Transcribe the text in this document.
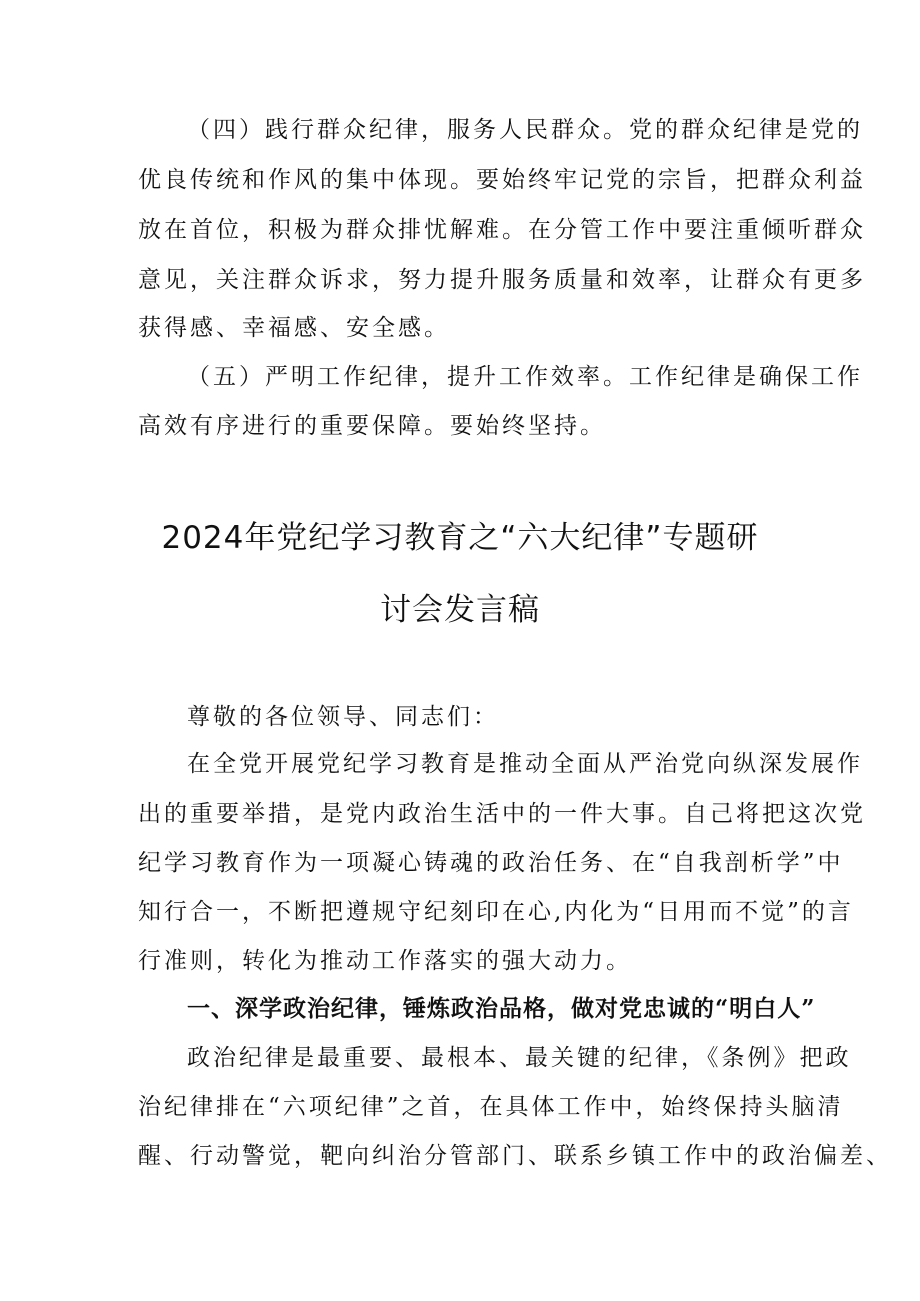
（四）践行群众纪律，服务人民群众。党的群众纪律是党的
优良传统和作风的集中体现。要始终牢记党的宗旨，把群众利益
放在首位，积极为群众排忧解难。在分管工作中要注重倾听群众
意见，关注群众诉求，努力提升服务质量和效率，让群众有更多
获得感、幸福感、安全感。
（五）严明工作纪律，提升工作效率。工作纪律是确保工作
高效有序进行的重要保障。要始终坚持。
2024年党纪学习教育之“六大纪律”专题研
讨会发言稿
尊敬的各位领导、同志们：
在全党开展党纪学习教育是推动全面从严治党向纵深发展作
出的重要举措，是党内政治生活中的一件大事。自己将把这次党
纪学习教育作为一项凝心铸魂的政治任务、在“自我剖析学”中
知行合一，不断把遵规守纪刻印在心,内化为“日用而不觉”的言
行准则，转化为推动工作落实的强大动力。
一、深学政治纪律，锤炼政治品格，做对党忠诚的“明白人”
政治纪律是最重要、最根本、最关键的纪律，《条例》把政
治纪律排在“六项纪律”之首，在具体工作中，始终保持头脑清
醒、行动警觉，靶向纠治分管部门、联系乡镇工作中的政治偏差、
